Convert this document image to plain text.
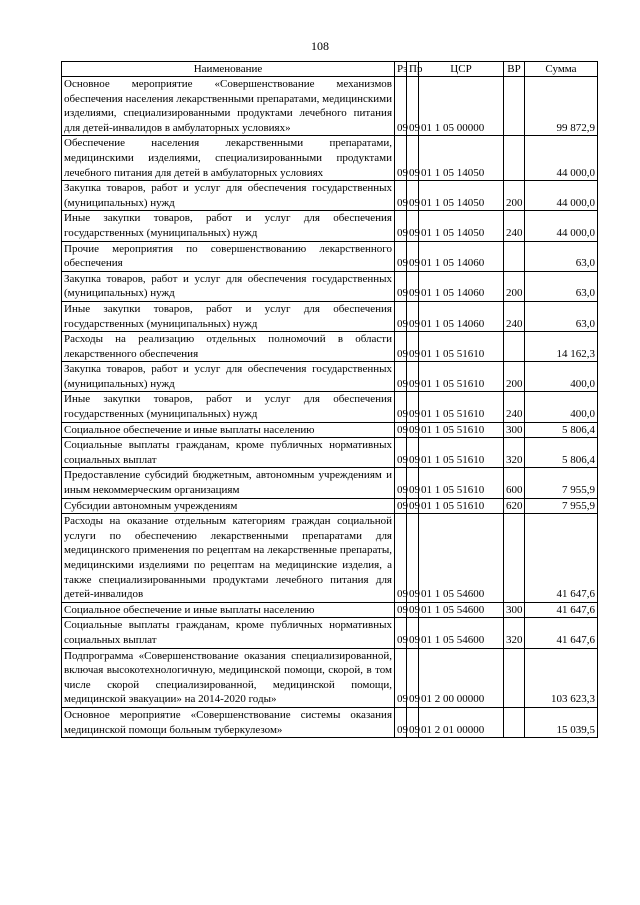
108
Наименование	Рз	Пр	ЦСР	ВР	Сумма
Основное мероприятие «Совершенствование механизмов обеспечения населения лекарственными препаратами, медицинскими изделиями, специализированными продуктами лечебного питания для детей-инвалидов в амбулаторных условиях»	09	09	01 1 05 00000		99 872,9
Обеспечение населения лекарственными препаратами, медицинскими изделиями, специализированными продуктами лечебного питания для детей в амбулаторных условиях	09	09	01 1 05 14050		44 000,0
Закупка товаров, работ и услуг для обеспечения государственных (муниципальных) нужд	09	09	01 1 05 14050	200	44 000,0
Иные закупки товаров, работ и услуг для обеспечения государственных (муниципальных) нужд	09	09	01 1 05 14050	240	44 000,0
Прочие мероприятия по совершенствованию лекарственного обеспечения	09	09	01 1 05 14060		63,0
Закупка товаров, работ и услуг для обеспечения государственных (муниципальных) нужд	09	09	01 1 05 14060	200	63,0
Иные закупки товаров, работ и услуг для обеспечения государственных (муниципальных) нужд	09	09	01 1 05 14060	240	63,0
Расходы на реализацию отдельных полномочий в области лекарственного обеспечения	09	09	01 1 05 51610		14 162,3
Закупка товаров, работ и услуг для обеспечения государственных (муниципальных) нужд	09	09	01 1 05 51610	200	400,0
Иные закупки товаров, работ и услуг для обеспечения государственных (муниципальных) нужд	09	09	01 1 05 51610	240	400,0
Социальное обеспечение и иные выплаты населению	09	09	01 1 05 51610	300	5 806,4
Социальные выплаты гражданам, кроме публичных нормативных социальных выплат	09	09	01 1 05 51610	320	5 806,4
Предоставление субсидий бюджетным, автономным учреждениям и иным некоммерческим организациям	09	09	01 1 05 51610	600	7 955,9
Субсидии автономным учреждениям	09	09	01 1 05 51610	620	7 955,9
Расходы на оказание отдельным категориям граждан социальной услуги по обеспечению лекарственными препаратами для медицинского применения по рецептам на лекарственные препараты, медицинскими изделиями по рецептам на медицинские изделия, а также специализированными продуктами лечебного питания для детей-инвалидов	09	09	01 1 05 54600		41 647,6
Социальное обеспечение и иные выплаты населению	09	09	01 1 05 54600	300	41 647,6
Социальные выплаты гражданам, кроме публичных нормативных социальных выплат	09	09	01 1 05 54600	320	41 647,6
Подпрограмма «Совершенствование оказания специализированной, включая высокотехнологичную, медицинской помощи, скорой, в том числе скорой специализированной, медицинской помощи, медицинской эвакуации» на 2014-2020 годы»	09	09	01 2 00 00000		103 623,3
Основное мероприятие «Совершенствование системы оказания медицинской помощи больным туберкулезом»	09	09	01 2 01 00000		15 039,5
